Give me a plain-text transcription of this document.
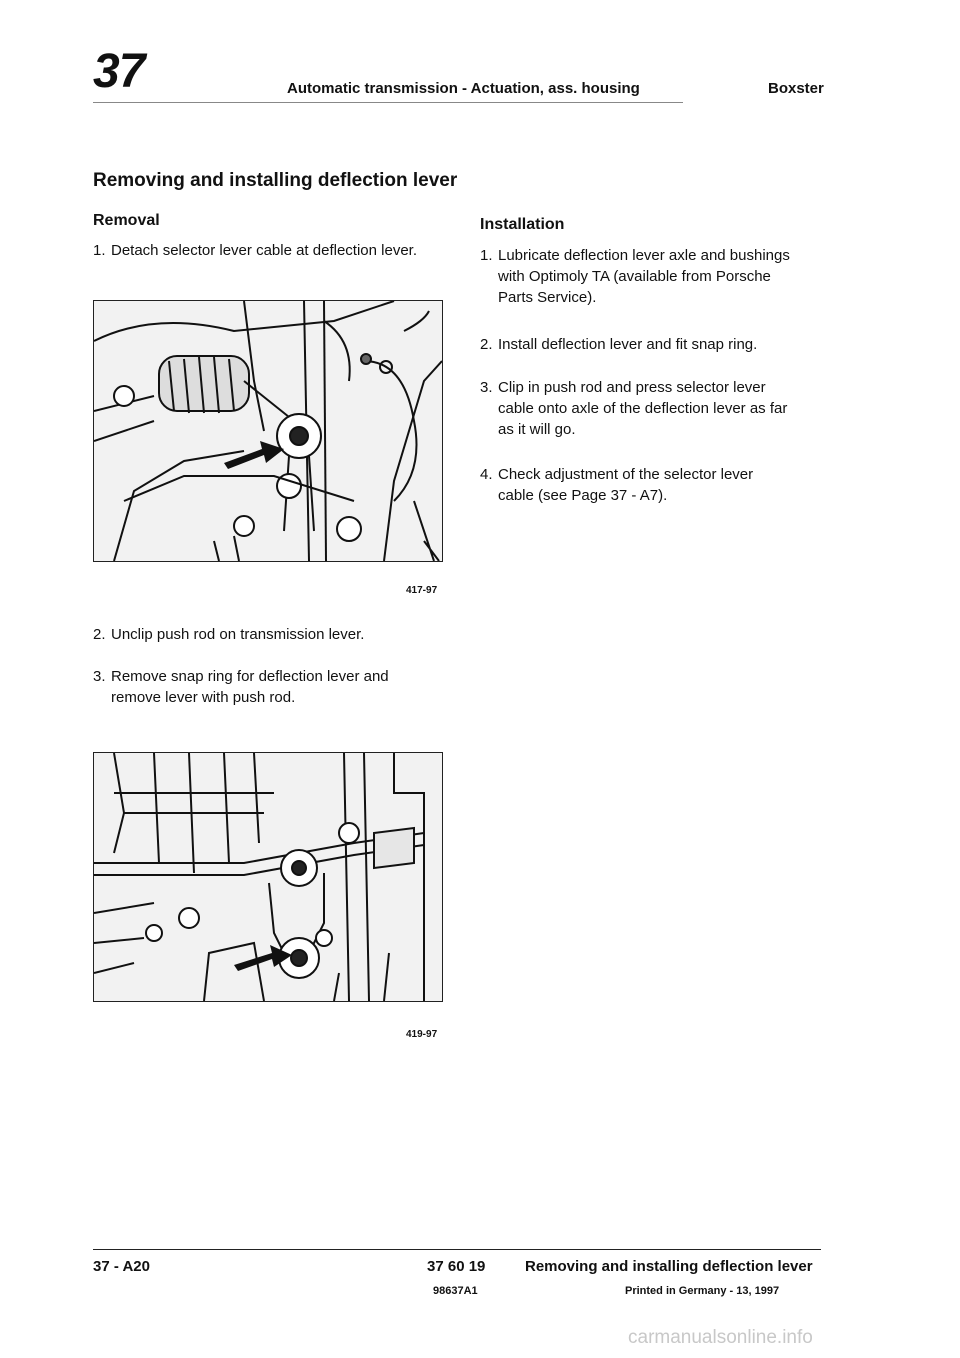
37	Automatic transmission - Actuation, ass. housing	Boxster
Removing and installing deflection lever
Removal
1. Detach selector lever cable at deflection lever.
417-97
2. Unclip push rod on transmission lever.
3. Remove snap ring for deflection lever and
remove lever with push rod.
419-97
Installation
1. Lubricate deflection lever axle and bushings
with Optimoly TA (available from Porsche
Parts Service).
2. Install deflection lever and fit snap ring.
3. Clip in push rod and press selector lever
cable onto axle of the deflection lever as far
as it will go.
4. Check adjustment of the selector lever
cable (see Page 37 - A7).
37 - A20	37 60 19	Removing and installing deflection lever
98637A1	Printed in Germany - 13, 1997
carmanualsonline.info
